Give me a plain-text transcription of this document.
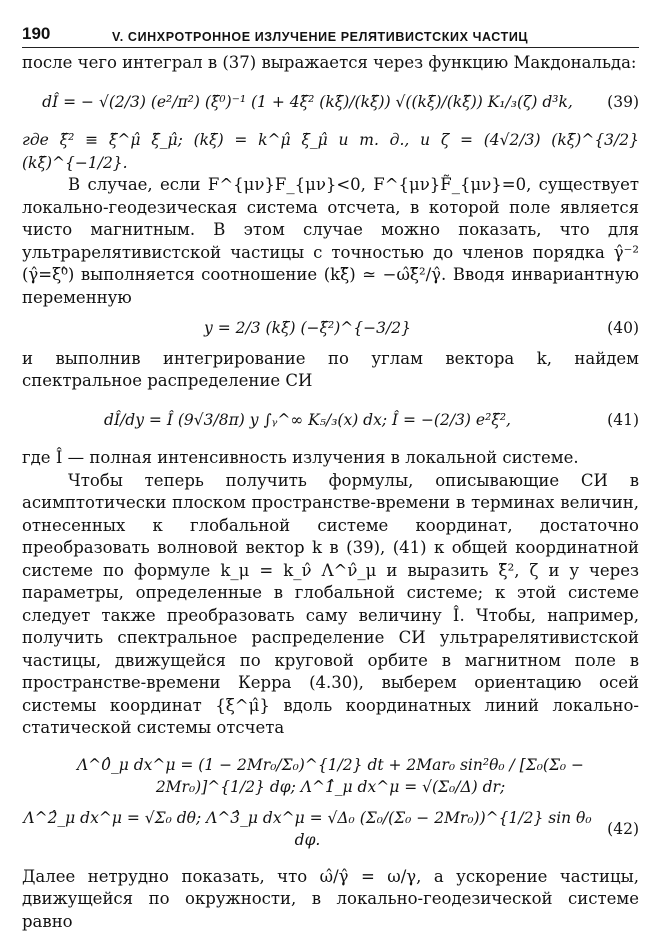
190	V. СИНХРОТРОННОЕ ИЗЛУЧЕНИЕ РЕЛЯТИВИСТСКИХ ЧАСТИЦ

после чего интеграл в (37) выражается через функцию Макдональда:

dÎ = − √(2/3) (e²/π²) (ξ̈⁰)⁻¹ (1 + 4ξ̈² (kξ̇)/(kξ̈)) √((kξ̇)/(kξ̈)) K₁/₃(ζ) d³k,	(39)

где ξ̈² ≡ ξ̈^μ̂ ξ̈_μ̂; (kξ̇) = k^μ̂ ξ̇_μ̂ и т. д., и ζ = (4√2/3) (kξ̇)^{3/2} (kξ̈)^{−1/2}.

В случае, если F^{μν}F_{μν}<0, F^{μν}F̃_{μν}=0, существует локально-геодезическая система отсчета, в которой поле является чисто магнитным. В этом случае можно показать, что для ультрарелятивистской частицы с точностью до членов порядка γ̂⁻² (γ̂=ξ̇⁰̂) выполняется соотношение (kξ̈) ≃ −ω̂ξ̈²/γ̂. Вводя инвариантную переменную

y = 2/3 (kξ̇) (−ξ̈²)^{−3/2}	(40)

и выполнив интегрирование по углам вектора k, найдем спектральное распределение СИ

dÎ/dy = Î (9√3/8π) y ∫ᵧ^∞ K₅/₃(x) dx; Î = −(2/3) e²ξ̈²,	(41)

где Î — полная интенсивность излучения в локальной системе.

Чтобы теперь получить формулы, описывающие СИ в асимптотически плоском пространстве-времени в терминах величин, отнесенных к глобальной системе координат, достаточно преобразовать волновой вектор k в (39), (41) к общей координатной системе по формуле k_μ = k_ν̂ Λ^ν̂_μ и выразить ξ̈², ζ и y через параметры, определенные в глобальной системе; к этой системе следует также преобразовать саму величину Î. Чтобы, например, получить спектральное распределение СИ ультрарелятивистской частицы, движущейся по круговой орбите в магнитном поле в пространстве-времени Керра (4.30), выберем ориентацию осей системы координат {ξ^μ̂} вдоль координатных линий локально-статической системы отсчета

Λ^0̂_μ dx^μ = (1 − 2Mr₀/Σ₀)^{1/2} dt + 2Mar₀ sin²θ₀ / [Σ₀(Σ₀ − 2Mr₀)]^{1/2} dφ; Λ^1̂_μ dx^μ = √(Σ₀/Δ) dr;
Λ^2̂_μ dx^μ = √Σ₀ dθ; Λ^3̂_μ dx^μ = √Δ₀ (Σ₀/(Σ₀ − 2Mr₀))^{1/2} sin θ₀ dφ.
(42)

Далее нетрудно показать, что ω̂/γ̂ = ω/γ, а ускорение частицы, движущейся по окружности, в локально-геодезической системе равно
